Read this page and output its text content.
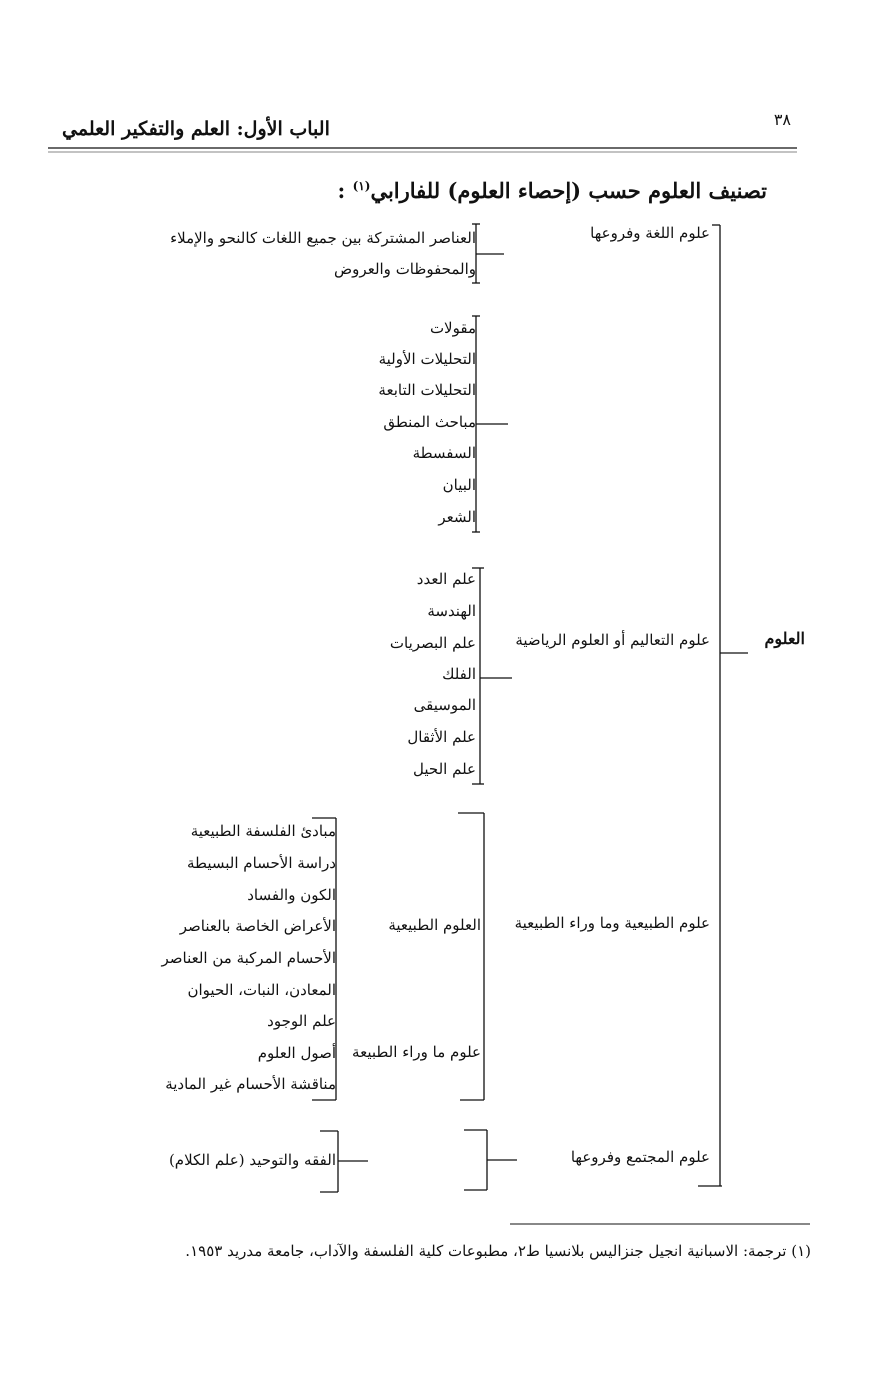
٣٨
الباب الأول: العلم والتفكير العلمي
تصنيف العلوم حسب (إحصاء العلوم) للفارابي$^{(١)}$ :
العلوم
علوم اللغة وفروعها
علوم التعاليم أو العلوم الرياضية
علوم الطبيعية وما وراء الطبيعية
علوم المجتمع وفروعها
العناصر المشتركة بين جميع اللغات كالنحو والإملاء
والمحفوظات والعروض
مقولات
التحليلات الأولية
التحليلات التابعة
مباحث المنطق
السفسطة
البيان
الشعر
علم العدد
الهندسة
علم البصريات
الفلك
الموسيقى
علم الأثقال
علم الحيل
العلوم الطبيعية
علوم ما وراء الطبيعة
مبادئ الفلسفة الطبيعية
دراسة الأحسام البسيطة
الكون والفساد
الأعراض الخاصة بالعناصر
الأحسام المركبة من العناصر
المعادن، النبات، الحيوان
علم الوجود
أصول العلوم
مناقشة الأحسام غير المادية
الفقه والتوحيد (علم الكلام)
(١) ترجمة: الاسبانية انجيل جنزاليس بلانسيا ط٢، مطبوعات كلية الفلسفة والآداب، جامعة مدريد ١٩٥٣.
